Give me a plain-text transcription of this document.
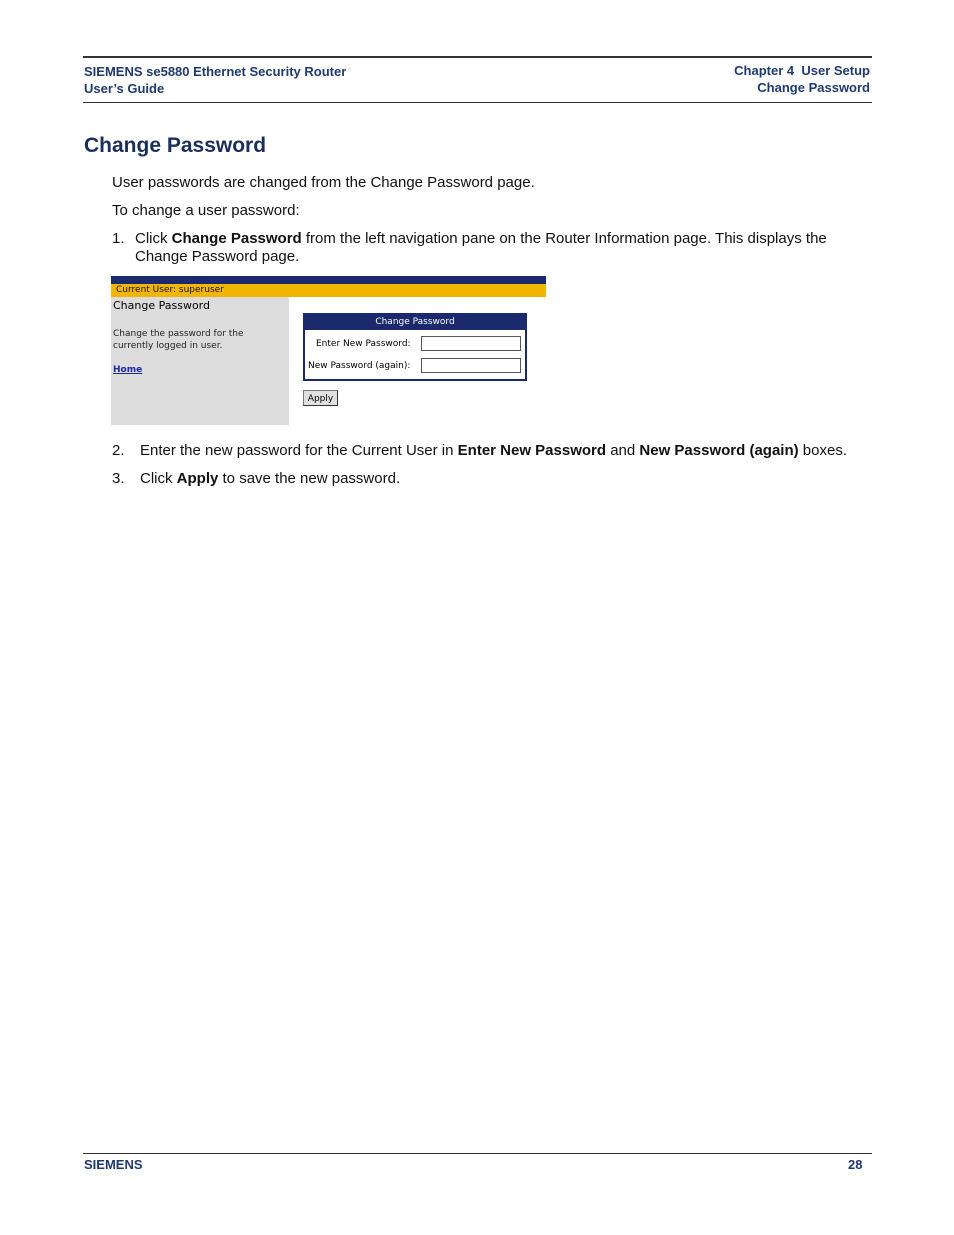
SIEMENS se5880 Ethernet Security Router
User’s Guide
Chapter 4  User Setup
Change Password
Change Password

User passwords are changed from the Change Password page.

To change a user password:

1. Click Change Password from the left navigation pane on the Router Information page. This displays the Change Password page.
Current User: superuser
Change Password
Change the password for the currently logged in user.
Home
Change Password
Enter New Password:
New Password (again):
Apply
2. Enter the new password for the Current User in Enter New Password and New Password (again) boxes.
3. Click Apply to save the new password.
SIEMENS	28
